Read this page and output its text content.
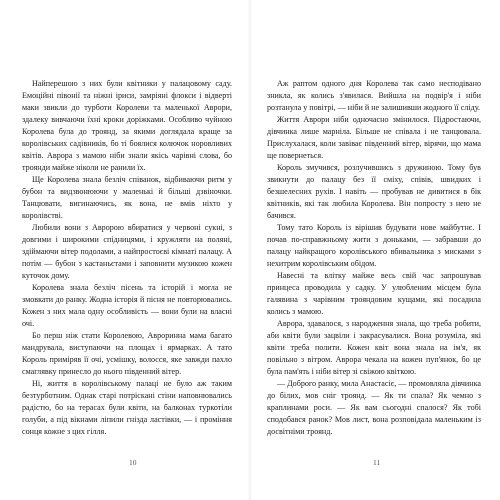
Найперешою з них були квітники у палацовому саду. Емоційні півонії та ніжні іриси, замріяні флокси і відверті маки звикли до турботи Королеви та маленької Аврори, здалеку вивчаючи їхні кроки доріжками. Особливо чуйною Королева була до троянд, за якими доглядала краще за королівських садівників, бо ті боялися колючок норовливих квітів. Аврора з мамою ніби знали якісь чарівні слова, бо троянди майже ніколи не ранили їх.

Ще Королева знала безліч співанок, відбиваючи ритм у бубон та видзвонюючи у маленькі й більші дзвіночки. Танцювати, вигинаючись, як вона, не вмів ніхто у королівстві.

Любили вони з Авророю вбиратися у червоні сукні, з довгими і широкими спідницями, і кружляти на поляні, здіймаючи вітер подолами, а найпростоєві кімнаті палацу. А потім — бубон з кастаньєтами і заповнити музикою кожен куточок дому.

Королева знала безліч пісень та історій і могла не змовкати до ранку. Жодна історія й пісня не повторювались. Кожен з них мала одну особливість — вони були на власні очі.

Бо перш ніж стати Королевою, Авроринна мама багато мандрувала, виступаючи на площах і ярмарках. А тато Король приміряв її очі, усмішку, волосся, яке завжди пахло смаглявку принесло до нього південний вітер.

Ні, життя в королівському палаці не було аж таким безтурботним. Однак старі потріскані стіни наповнювались радістю, бо на терасах були квіти, на балконах туркотіли голуби, а під вікнами ліпили гнізда ластівки, — і проміння сонця кожне з цих гілля.

Аж раптом одного дня Королева так само несподівано зникла, як колись з'явилася. Вийшла на подвір'я і ніби розтанула у повітрі, — ніби й не залишивши жодного її сліду.

Життя Аврори ніби одночасно змінилося. Підростаючи, дівчинка лише марніла. Більше не співала і не танцювала. Прислухалася, коли завіває південний вітер, вірячи, що мама ще повернеться.

Король змучився, розлучившись з дружиною. Тому був звикнути до палацу без її сміху, співів, швидких і безшелесних рухів. І навіть — пробував не дивитися в бік квітників, які так любила Королева. Він попросту з нею не бачився.

Тому тато Король із вірішив будувати нове майбутнє. І почав по-справжньому жити з доньками, — забравши до палацу найкращого королівського вбивальника з мисками з нехитрим королівським обідом.

Навесні та влітку майже весь свій час запрошував принцеса проводила у садку. У улюбленим місцем була галявина з чарівним трояндовим кущами, які посадила колись з мамою.

Аврора, здавалося, з народження знала, що треба робити, аби квіти були зацвіли і закрасувалися. Вона розуміла, які квіти треба полити. Кожен квіт вона знала на ім'я, як повільно з вітром. Аврора чекала на кожен пуп'янок, бо це була пам'ять і ніби вітер зі свіжою квіткою.

— Доброго ранку, мила Анастасіє, — промовляла дівчинка до білих, мов сніг троянд. — Як ти спала? Як чемно з краплинами роси. — Як вам сьогодні спалося? Як тобі сподобався ранок? Мов лист, вона розповідала маленьким із досвітніми троянд.

10	11
